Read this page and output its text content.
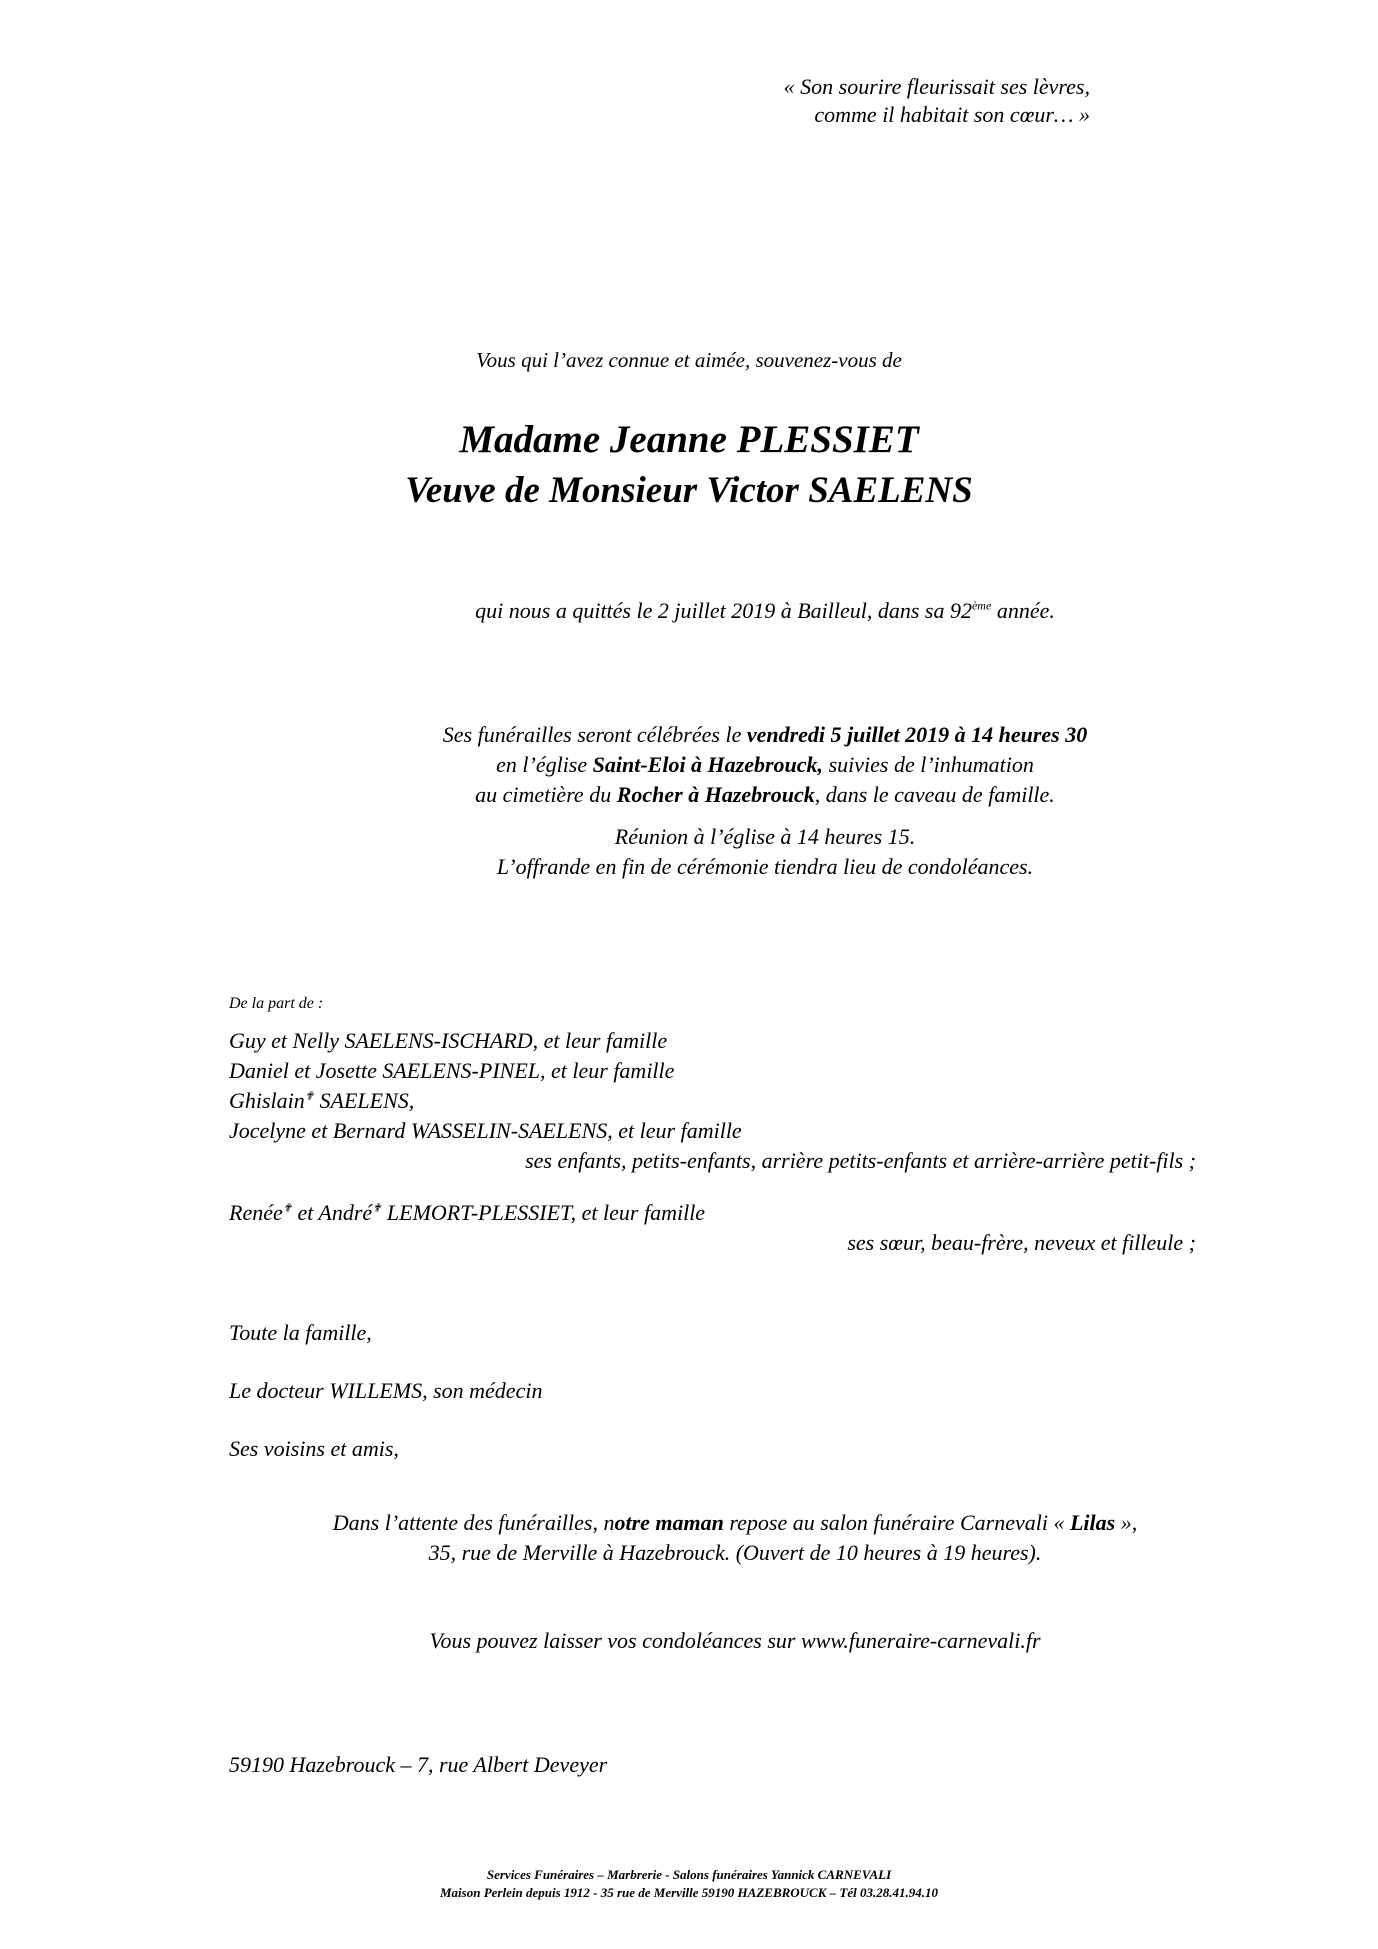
« Son sourire fleurissait ses lèvres,
comme il habitait son cœur… »
Vous qui l’avez connue et aimée, souvenez-vous de
Madame Jeanne PLESSIET
Veuve de Monsieur Victor SAELENS
qui nous a quittés le 2 juillet 2019 à Bailleul, dans sa 92ème année.
Ses funérailles seront célébrées le vendredi 5 juillet 2019 à 14 heures 30
en l’église Saint-Eloi à Hazebrouck, suivies de l’inhumation
au cimetière du Rocher à Hazebrouck, dans le caveau de famille.
Réunion à l’église à 14 heures 15.
L’offrande en fin de cérémonie tiendra lieu de condoléances.
De la part de :
Guy et Nelly SAELENS-ISCHARD, et leur famille
Daniel et Josette SAELENS-PINEL, et leur famille
Ghislain✟ SAELENS,
Jocelyne et Bernard WASSELIN-SAELENS, et leur famille
ses enfants, petits-enfants, arrière petits-enfants et arrière-arrière petit-fils ;
Renée✟ et André✟ LEMORT-PLESSIET, et leur famille
ses sœur, beau-frère, neveux et filleule ;
Toute la famille,
Le docteur WILLEMS, son médecin
Ses voisins et amis,
Dans l’attente des funérailles, notre maman repose au salon funéraire Carnevali « Lilas »,
35, rue de Merville à Hazebrouck. (Ouvert de 10 heures à 19 heures).
Vous pouvez laisser vos condoléances sur www.funeraire-carnevali.fr
59190 Hazebrouck – 7, rue Albert Deveyer
Services Funéraires – Marbrerie - Salons funéraires Yannick CARNEVALI
Maison Perlein depuis 1912 - 35 rue de Merville 59190 HAZEBROUCK – Tél 03.28.41.94.10
